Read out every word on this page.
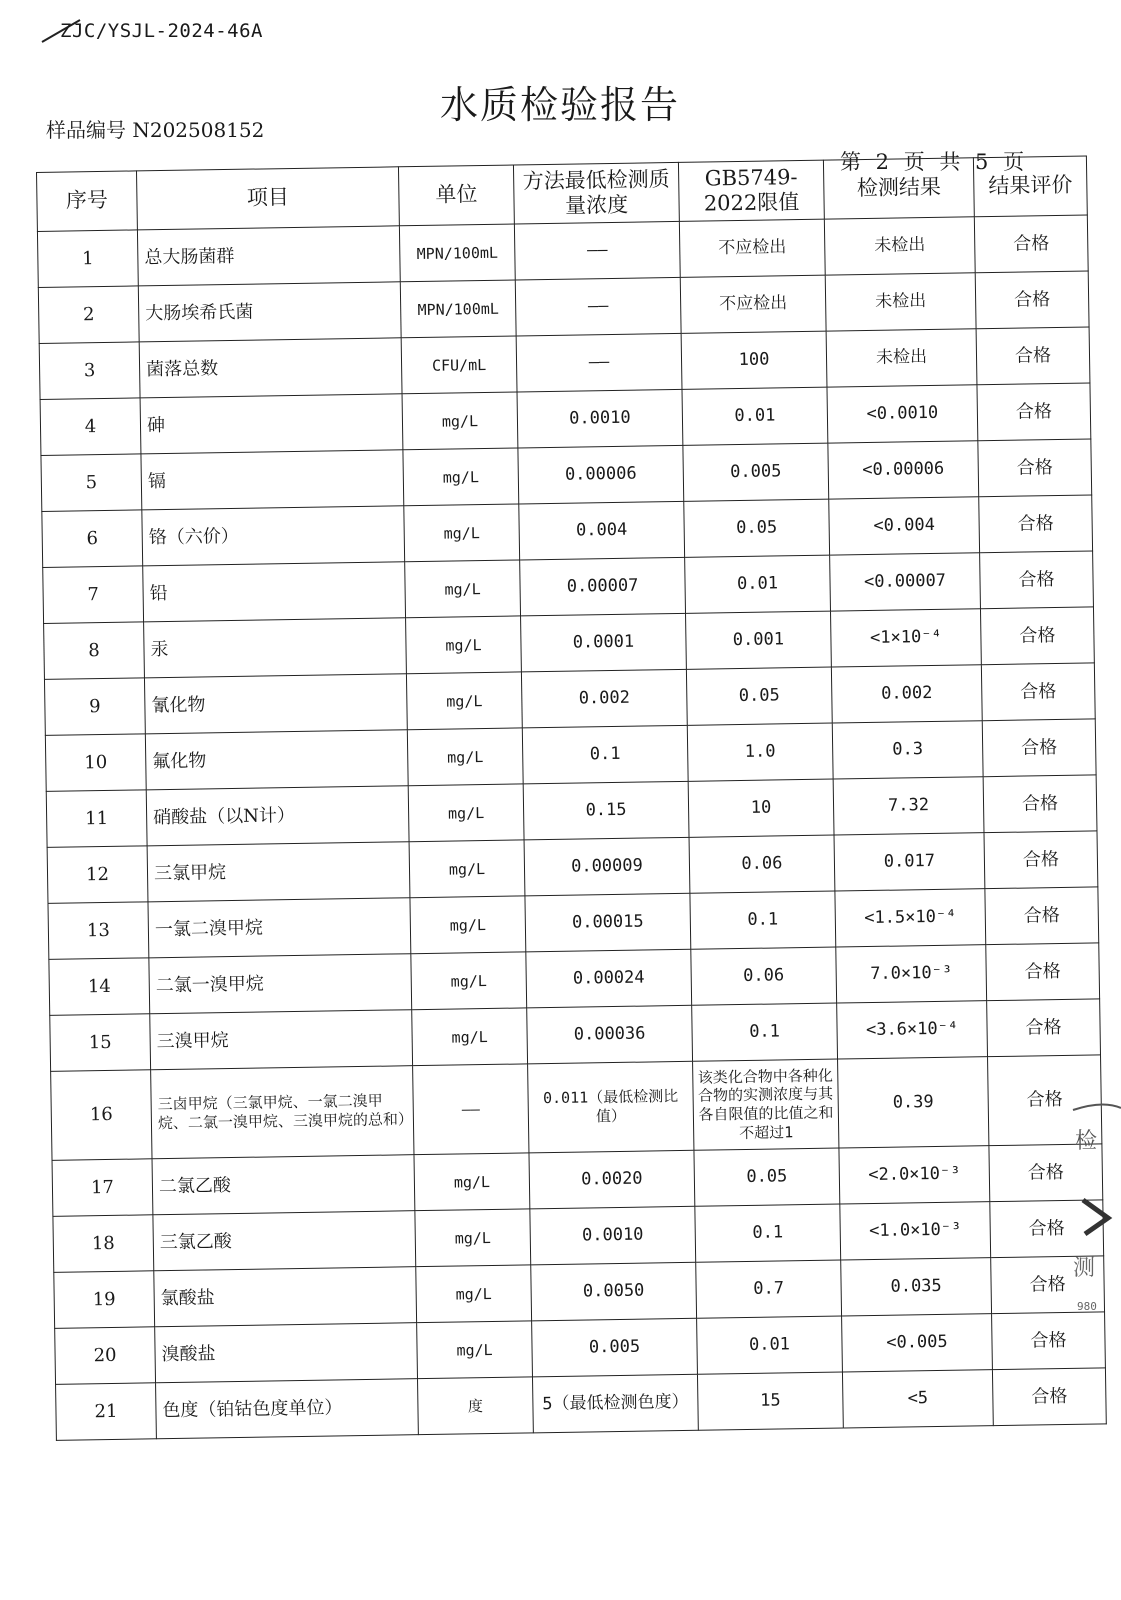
ZJC/YSJL-2024-46A
水质检验报告
样品编号 N202508152
第 2 页 共 5 页
序号	项目	单位	方法最低检测质量浓度	GB5749-2022限值	检测结果	结果评价
1	总大肠菌群	MPN/100mL	——	不应检出	未检出	合格
2	大肠埃希氏菌	MPN/100mL	——	不应检出	未检出	合格
3	菌落总数	CFU/mL	——	100	未检出	合格
4	砷	mg/L	0.0010	0.01	<0.0010	合格
5	镉	mg/L	0.00006	0.005	<0.00006	合格
6	铬（六价）	mg/L	0.004	0.05	<0.004	合格
7	铅	mg/L	0.00007	0.01	<0.00007	合格
8	汞	mg/L	0.0001	0.001	<1×10⁻⁴	合格
9	氰化物	mg/L	0.002	0.05	0.002	合格
10	氟化物	mg/L	0.1	1.0	0.3	合格
11	硝酸盐（以N计）	mg/L	0.15	10	7.32	合格
12	三氯甲烷	mg/L	0.00009	0.06	0.017	合格
13	一氯二溴甲烷	mg/L	0.00015	0.1	<1.5×10⁻⁴	合格
14	二氯一溴甲烷	mg/L	0.00024	0.06	7.0×10⁻³	合格
15	三溴甲烷	mg/L	0.00036	0.1	<3.6×10⁻⁴	合格
16	三卤甲烷（三氯甲烷、一氯二溴甲烷、二氯一溴甲烷、三溴甲烷的总和）	——	0.011（最低检测比值）	该类化合物中各种化合物的实测浓度与其各自限值的比值之和不超过1	0.39	合格
17	二氯乙酸	mg/L	0.0020	0.05	<2.0×10⁻³	合格
18	三氯乙酸	mg/L	0.0010	0.1	<1.0×10⁻³	合格
19	氯酸盐	mg/L	0.0050	0.7	0.035	合格
20	溴酸盐	mg/L	0.005	0.01	<0.005	合格
21	色度（铂钴色度单位）	度	5（最低检测色度）	15	<5	合格
检
测
980
